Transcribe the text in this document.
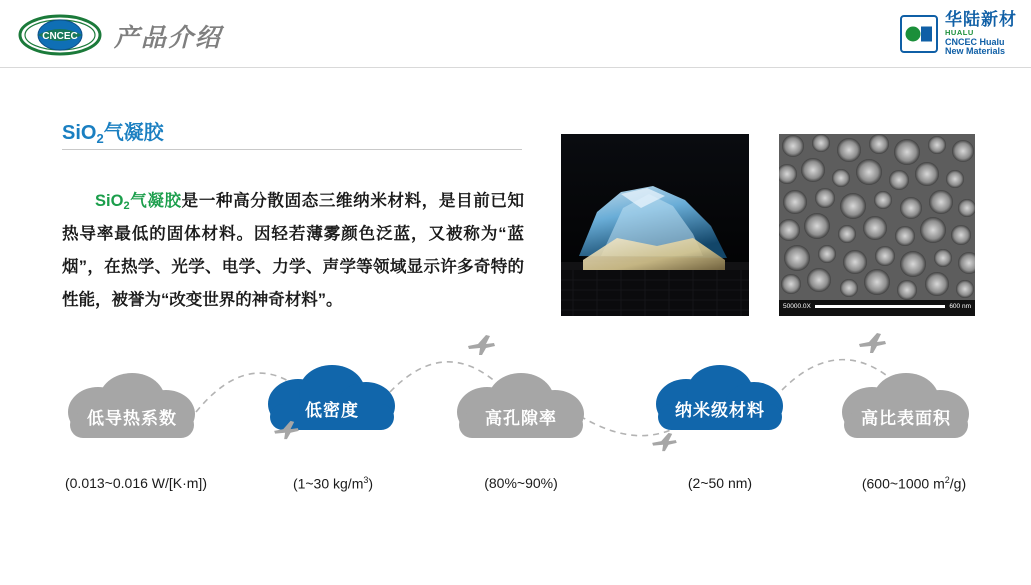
CNCEC 产品介绍
华陆新材
HUALU
CNCEC Hualu
New Materials
SiO$_2$气凝胶

SiO$_2$气凝胶是一种高分散固态三维纳米材料，是目前已知热导率最低的固体材料。因轻若薄雾颜色泛蓝，又被称为“蓝烟”，在热学、光学、电学、力学、声学等领域显示许多奇特的性能，被誉为“改变世界的神奇材料”。	50000.0X	600 nm
低导热系数	低密度	高孔隙率	纳米级材料	高比表面积
(0.013~0.016 W/[K·m])	(1~30 $kg/m^3$)	(80%~90%)	(2~50 nm)	(600~1000 $m^2/g$)
